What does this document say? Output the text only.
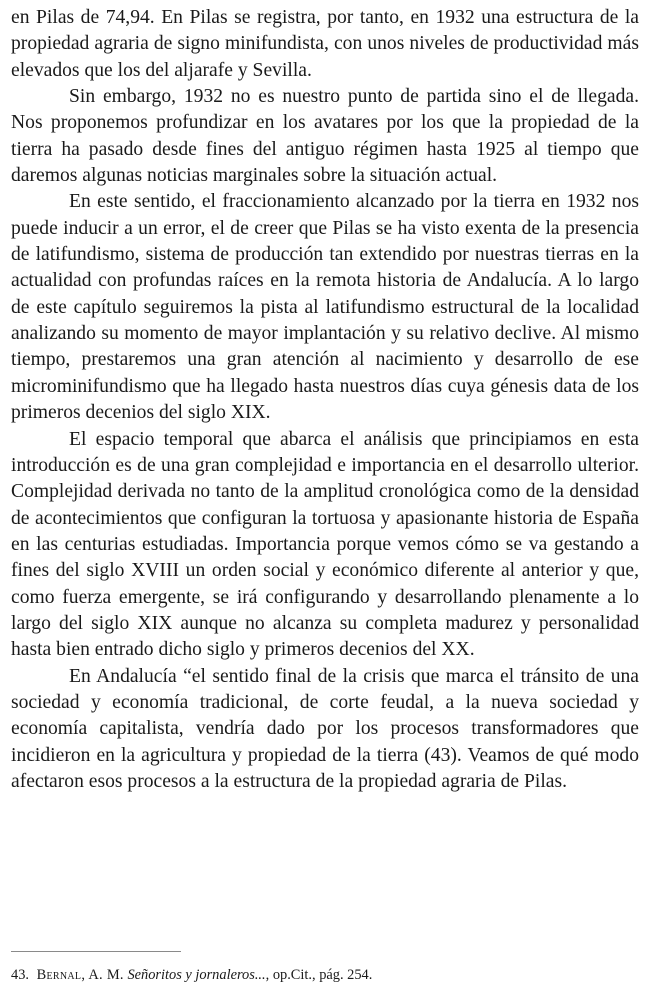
en Pilas de 74,94. En Pilas se registra, por tanto, en 1932 una estructura de la propiedad agraria de signo minifundista, con unos niveles de productividad más elevados que los del aljarafe y Sevilla.

Sin embargo, 1932 no es nuestro punto de partida sino el de llegada. Nos proponemos profundizar en los avatares por los que la propiedad de la tierra ha pasado desde fines del antiguo régimen hasta 1925 al tiempo que daremos algunas noticias marginales sobre la situación actual.

En este sentido, el fraccionamiento alcanzado por la tierra en 1932 nos puede inducir a un error, el de creer que Pilas se ha visto exenta de la presencia de latifundismo, sistema de producción tan extendido por nuestras tierras en la actualidad con profundas raíces en la remota historia de Andalucía. A lo largo de este capítulo seguiremos la pista al latifundismo estructural de la localidad analizando su momento de mayor implantación y su relativo declive. Al mismo tiempo, prestaremos una gran atención al nacimiento y desarrollo de ese microminifundismo que ha llegado hasta nuestros días cuya génesis data de los primeros decenios del siglo XIX.

El espacio temporal que abarca el análisis que principiamos en esta introducción es de una gran complejidad e importancia en el desarrollo ulterior. Complejidad derivada no tanto de la amplitud cronológica como de la densidad de acontecimientos que configuran la tortuosa y apasionante historia de España en las centurias estudiadas. Importancia porque vemos cómo se va gestando a fines del siglo XVIII un orden social y económico diferente al anterior y que, como fuerza emergente, se irá configurando y desarrollando plenamente a lo largo del siglo XIX aunque no alcanza su completa madurez y personalidad hasta bien entrado dicho siglo y primeros decenios del XX.

En Andalucía “el sentido final de la crisis que marca el tránsito de una sociedad y economía tradicional, de corte feudal, a la nueva sociedad y economía capitalista, vendría dado por los procesos transformadores que incidieron en la agricultura y propiedad de la tierra (43). Veamos de qué modo afectaron esos procesos a la estructura de la propiedad agraria de Pilas.

43. Bernal, A. M. Señoritos y jornaleros..., op.Cit., pág. 254.
